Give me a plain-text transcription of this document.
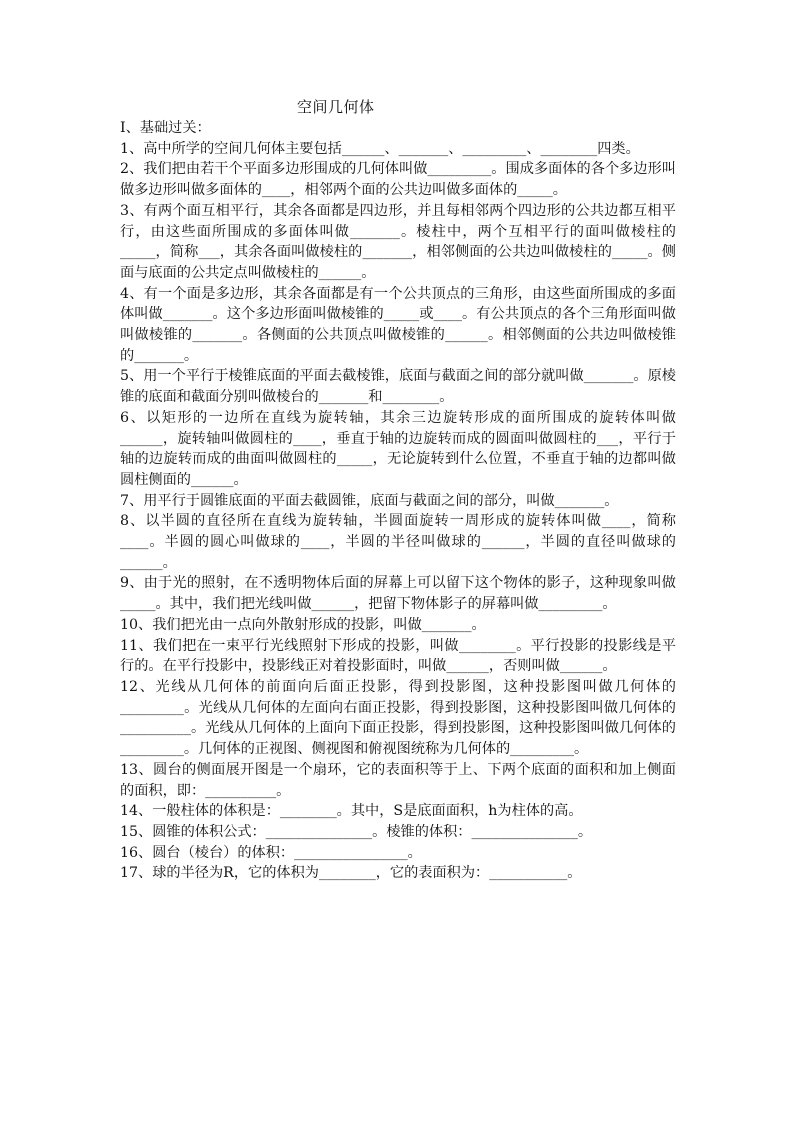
空间几何体

I、基础过关：

1、高中所学的空间几何体主要包括______、_______、_________、________四类。

2、我们把由若干个平面多边形围成的几何体叫做_________。围成多面体的各个多边形叫做多边形叫做多面体的____，相邻两个面的公共边叫做多面体的_____。

3、有两个面互相平行，其余各面都是四边形，并且每相邻两个四边形的公共边都互相平行，由这些面所围成的多面体叫做_______。棱柱中，两个互相平行的面叫做棱柱的_____，简称___，其余各面叫做棱柱的_______，相邻侧面的公共边叫做棱柱的_____。侧面与底面的公共定点叫做棱柱的______。

4、有一个面是多边形，其余各面都是有一个公共顶点的三角形，由这些面所围成的多面体叫做_______。这个多边形面叫做棱锥的_____或____。有公共顶点的各个三角形面叫做叫做棱锥的_______。各侧面的公共顶点叫做棱锥的______。相邻侧面的公共边叫做棱锥的_______。

5、用一个平行于棱锥底面的平面去截棱锥，底面与截面之间的部分就叫做_______。原棱锥的底面和截面分别叫做棱台的_______和________。

6、以矩形的一边所在直线为旋转轴，其余三边旋转形成的面所围成的旋转体叫做______，旋转轴叫做圆柱的____，垂直于轴的边旋转而成的圆面叫做圆柱的___，平行于轴的边旋转而成的曲面叫做圆柱的_____，无论旋转到什么位置，不垂直于轴的边都叫做圆柱侧面的______。

7、用平行于圆锥底面的平面去截圆锥，底面与截面之间的部分，叫做_______。

8、以半圆的直径所在直线为旋转轴，半圆面旋转一周形成的旋转体叫做____，简称____。半圆的圆心叫做球的____，半圆的半径叫做球的______，半圆的直径叫做球的______。

9、由于光的照射，在不透明物体后面的屏幕上可以留下这个物体的影子，这种现象叫做_____。其中，我们把光线叫做______，把留下物体影子的屏幕叫做_________。

10、我们把光由一点向外散射形成的投影，叫做_______。

11、我们把在一束平行光线照射下形成的投影，叫做________。平行投影的投影线是平行的。在平行投影中，投影线正对着投影面时，叫做______，否则叫做______。

12、光线从几何体的前面向后面正投影，得到投影图，这种投影图叫做几何体的_________。光线从几何体的左面向右面正投影，得到投影图，这种投影图叫做几何体的__________。光线从几何体的上面向下面正投影，得到投影图，这种投影图叫做几何体的_________。几何体的正视图、侧视图和俯视图统称为几何体的_________。

13、圆台的侧面展开图是一个扇环，它的表面积等于上、下两个底面的面积和加上侧面的面积，即：__________。

14、一般柱体的体积是：________。其中，S是底面面积，h为柱体的高。

15、圆锥的体积公式：_______________。棱锥的体积：_______________。

16、圆台（棱台）的体积：________________。

17、球的半径为R，它的体积为________，它的表面积为：___________。
